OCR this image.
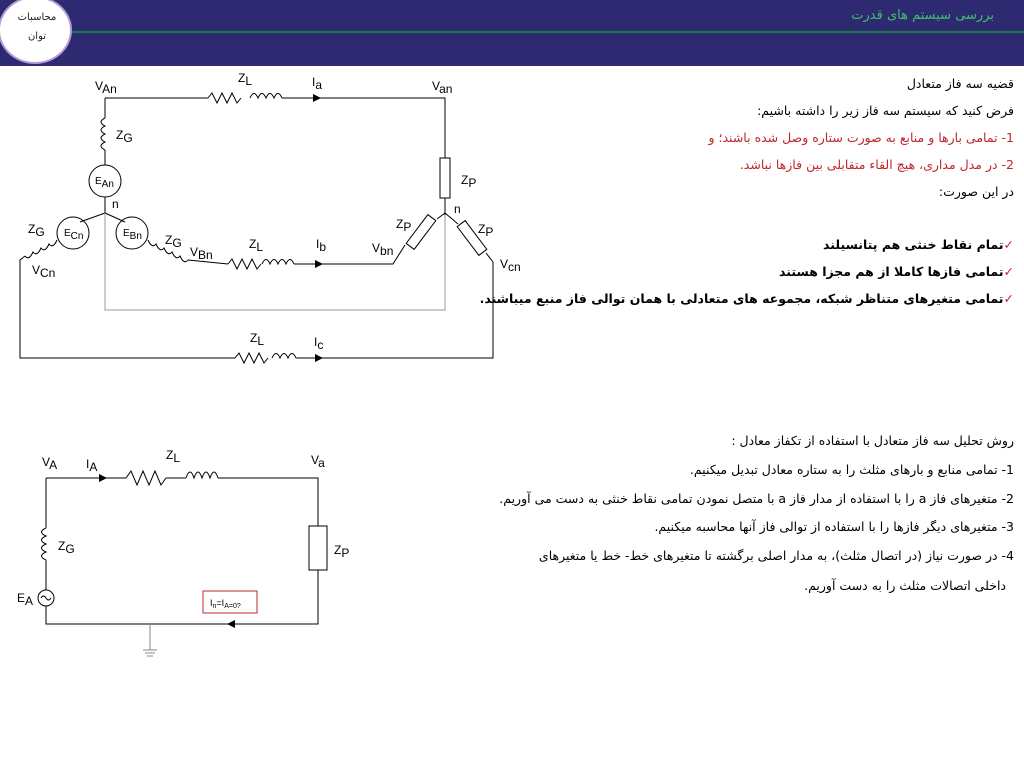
بررسی سیستم های قدرت
محاسبات
توان
قضیه سه فاز متعادل
فرض کنید که سیستم سه فاز زیر را داشته باشیم:
1- تمامی بارها و منابع به صورت ستاره وصل شده باشند؛ و
2- در مدل مداری، هیچ القاء متقابلی بین فازها نباشد.
در این صورت:
✓تمام نقاط خنثی هم پتانسیلند
✓تمامی فازها کاملا از هم مجزا هستند
✓تمامی متغیرهای متناظر شبکه، مجموعه های متعادلی با همان توالی فاز منبع میباشند.
روش تحلیل سه فاز متعادل با استفاده از تکفاز معادل :
1- تمامی منابع و بارهای مثلث را به ستاره معادل تبدیل میکنیم.
2- متغیرهای فاز a را با استفاده از مدار فاز a با متصل نمودن تمامی نقاط خنثی به دست می آوریم.
3- متغیرهای دیگر فازها را با استفاده از توالی فاز آنها محاسبه میکنیم.
4- در صورت نیاز (در اتصال مثلث)، به مدار اصلی برگشته تا متغیرهای خط- خط یا متغیرهای
داخلی اتصالات مثلث را به دست آوریم.
VAn
ZL	Ia	Van
ZG
EAn
n
ZP
n
ZG ECn	EBn ZG	ZL	Ib
ZP	ZP
VBn	Vbn
VCn
Vcn
ZL	Ic
VA IA
ZL	Va
ZG	ZP
EA	$I_n=I_{A=0?}$
